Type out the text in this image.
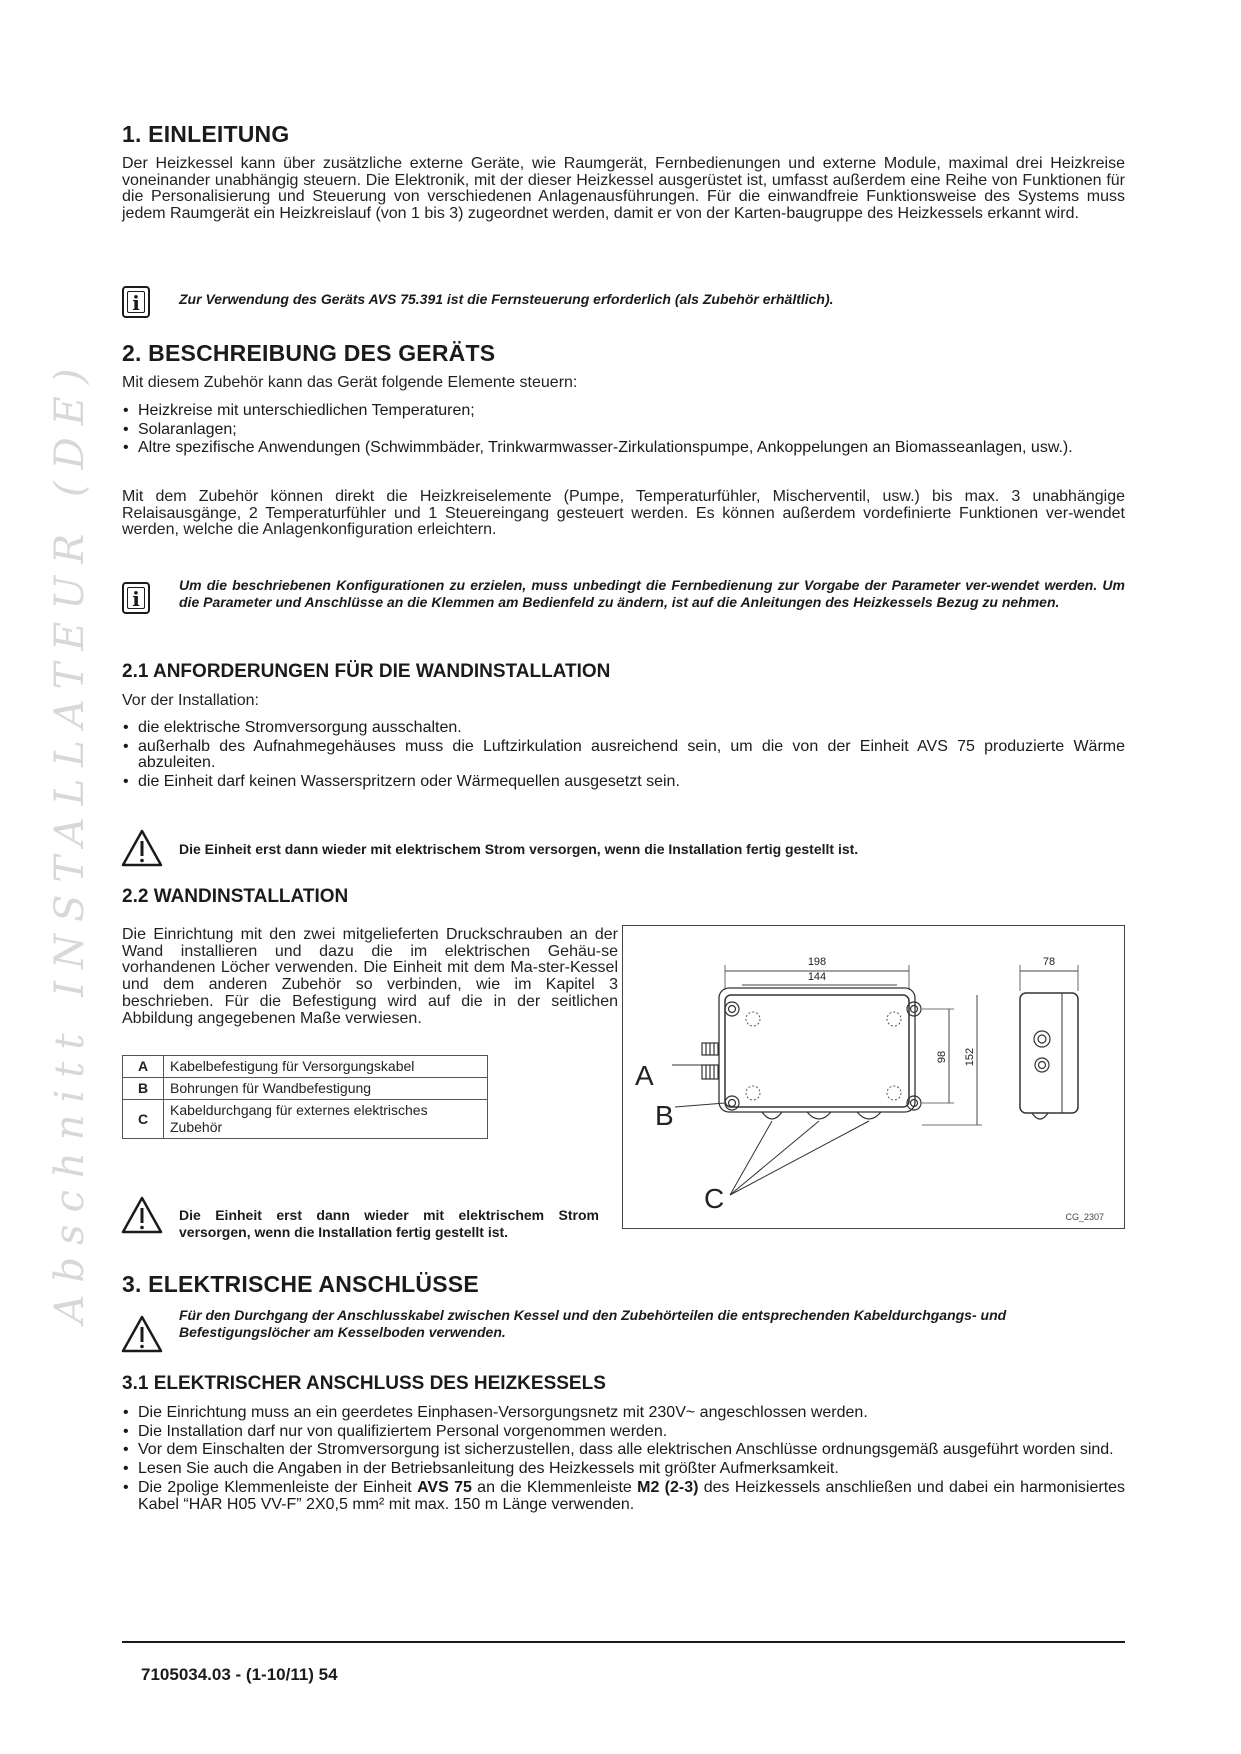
Abschnitt INSTALLATEUR (DE)
1. EINLEITUNG
Der Heizkessel kann über zusätzliche externe Geräte, wie Raumgerät, Fernbedienungen und externe Module, maximal drei Heizkreise voneinander unabhängig steuern. Die Elektronik, mit der dieser Heizkessel ausgerüstet ist, umfasst außerdem eine Reihe von Funktionen für die Personalisierung und Steuerung von verschiedenen Anlagenausführungen. Für die einwandfreie Funktionsweise des Systems muss jedem Raumgerät ein Heizkreislauf (von 1 bis 3) zugeordnet werden, damit er von der Karten-baugruppe des Heizkessels erkannt wird.
i	Zur Verwendung des Geräts AVS 75.391 ist die Fernsteuerung erforderlich (als Zubehör erhältlich).
2. BESCHREIBUNG DES GERÄTS
Mit diesem Zubehör kann das Gerät folgende Elemente steuern:
• Heizkreise mit unterschiedlichen Temperaturen;
• Solaranlagen;
• Altre spezifische Anwendungen (Schwimmbäder, Trinkwarmwasser-Zirkulationspumpe, Ankoppelungen an Biomasseanlagen, usw.).
Mit dem Zubehör können direkt die Heizkreiselemente (Pumpe, Temperaturfühler, Mischerventil, usw.) bis max. 3 unabhängige Relaisausgänge, 2 Temperaturfühler und 1 Steuereingang gesteuert werden. Es können außerdem vordefinierte Funktionen ver-wendet werden, welche die Anlagenkonfiguration erleichtern.
i
Um die beschriebenen Konfigurationen zu erzielen, muss unbedingt die Fernbedienung zur Vorgabe der Parameter ver-wendet werden. Um die Parameter und Anschlüsse an die Klemmen am Bedienfeld zu ändern, ist auf die Anleitungen des Heizkessels Bezug zu nehmen.
2.1 ANFORDERUNGEN FÜR DIE WANDINSTALLATION
Vor der Installation:
• die elektrische Stromversorgung ausschalten.
• außerhalb des Aufnahmegehäuses muss die Luftzirkulation ausreichend sein, um die von der Einheit AVS 75 produzierte Wärme abzuleiten.
• die Einheit darf keinen Wasserspritzern oder Wärmequellen ausgesetzt sein.
Die Einheit erst dann wieder mit elektrischem Strom versorgen, wenn die Installation fertig gestellt ist.
2.2 WANDINSTALLATION
Die Einrichtung mit den zwei mitgelieferten Druckschrauben an der Wand installieren und dazu die im elektrischen Gehäu-se vorhandenen Löcher verwenden. Die Einheit mit dem Ma-ster-Kessel und dem anderen Zubehör so verbinden, wie im Kapitel 3 beschrieben. Für die Befestigung wird auf die in der seitlichen Abbildung angegebenen Maße verwiesen.
A	Kabelbefestigung für Versorgungskabel
B	Bohrungen für Wandbefestigung
C	Kabeldurchgang für externes elektrisches Zubehör
Die Einheit erst dann wieder mit elektrischem Strom versorgen, wenn die Installation fertig gestellt ist.
198
144
98 152
78
A
B
C
CG_2307
3. ELEKTRISCHE ANSCHLÜSSE
Für den Durchgang der Anschlusskabel zwischen Kessel und den Zubehörteilen die entsprechenden Kabeldurchgangs- und Befestigungslöcher am Kesselboden verwenden.
3.1 ELEKTRISCHER ANSCHLUSS DES HEIZKESSELS
• Die Einrichtung muss an ein geerdetes Einphasen-Versorgungsnetz mit 230V~ angeschlossen werden.
• Die Installation darf nur von qualifiziertem Personal vorgenommen werden.
• Vor dem Einschalten der Stromversorgung ist sicherzustellen, dass alle elektrischen Anschlüsse ordnungsgemäß ausgeführt worden sind.
• Lesen Sie auch die Angaben in der Betriebsanleitung des Heizkessels mit größter Aufmerksamkeit.
• Die 2polige Klemmenleiste der Einheit AVS 75 an die Klemmenleiste M2 (2-3) des Heizkessels anschließen und dabei ein harmonisiertes Kabel “HAR H05 VV-F” 2X0,5 mm² mit max. 150 m Länge verwenden.
7105034.03 - (1-10/11) 54
